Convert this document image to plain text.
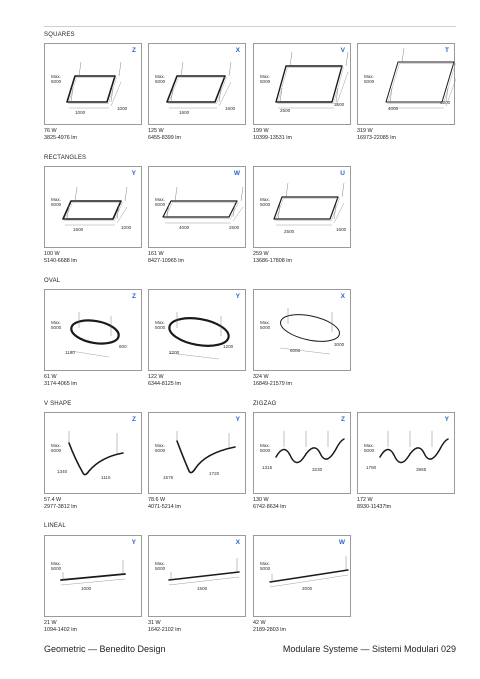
SQUARES
RECTANGLES
OVAL
V SHAPE	ZIGZAG
LINEAL
Z
Max.
5000
1000
1000
76 W
3825-4976 lm
X
Max.
5000
1600
1600
125 W
6455-8399 lm
V
Max.
5000
2500
2500
199 W
10399-13531 lm
T
Max.
5000
4000
4000
319 W
16973-22085 lm
Y
Max.
5000
1600	1000
100 W
5140-6688 lm
W
Max.
5000
4000	2500
161 W
8427-10965 lm
U
Max.
5000
2500	1600
259 W
13686-17808 lm
Z
Max.
5000
1190
600
61 W
3174-4065 lm
Y
Max.
5000
2200
1200
122 W
6344-8125 lm
X
Max.
5000
6000
3000
324 W
16849-21579 lm
Z
Max.
5000
1340
1115
57.4 W
2977-3812 lm
Y
Max.
5000
1575
1720
78.6 W
4071-5214 lm
Z
Max.
5000
1315	3230
130 W
6742-8634 lm
Y
Max.
5000
1780	3965
172 W
8930-11437lm
Y
Max.
5000
1000
21 W
1094-1402 lm
X
Max.
5000
1500
31 W
1642-2102 lm
W
Max.
5000
2000
42 W
2189-2803 lm
Geometric — Benedito Design	Modulare Systeme — Sistemi Modulari 029
